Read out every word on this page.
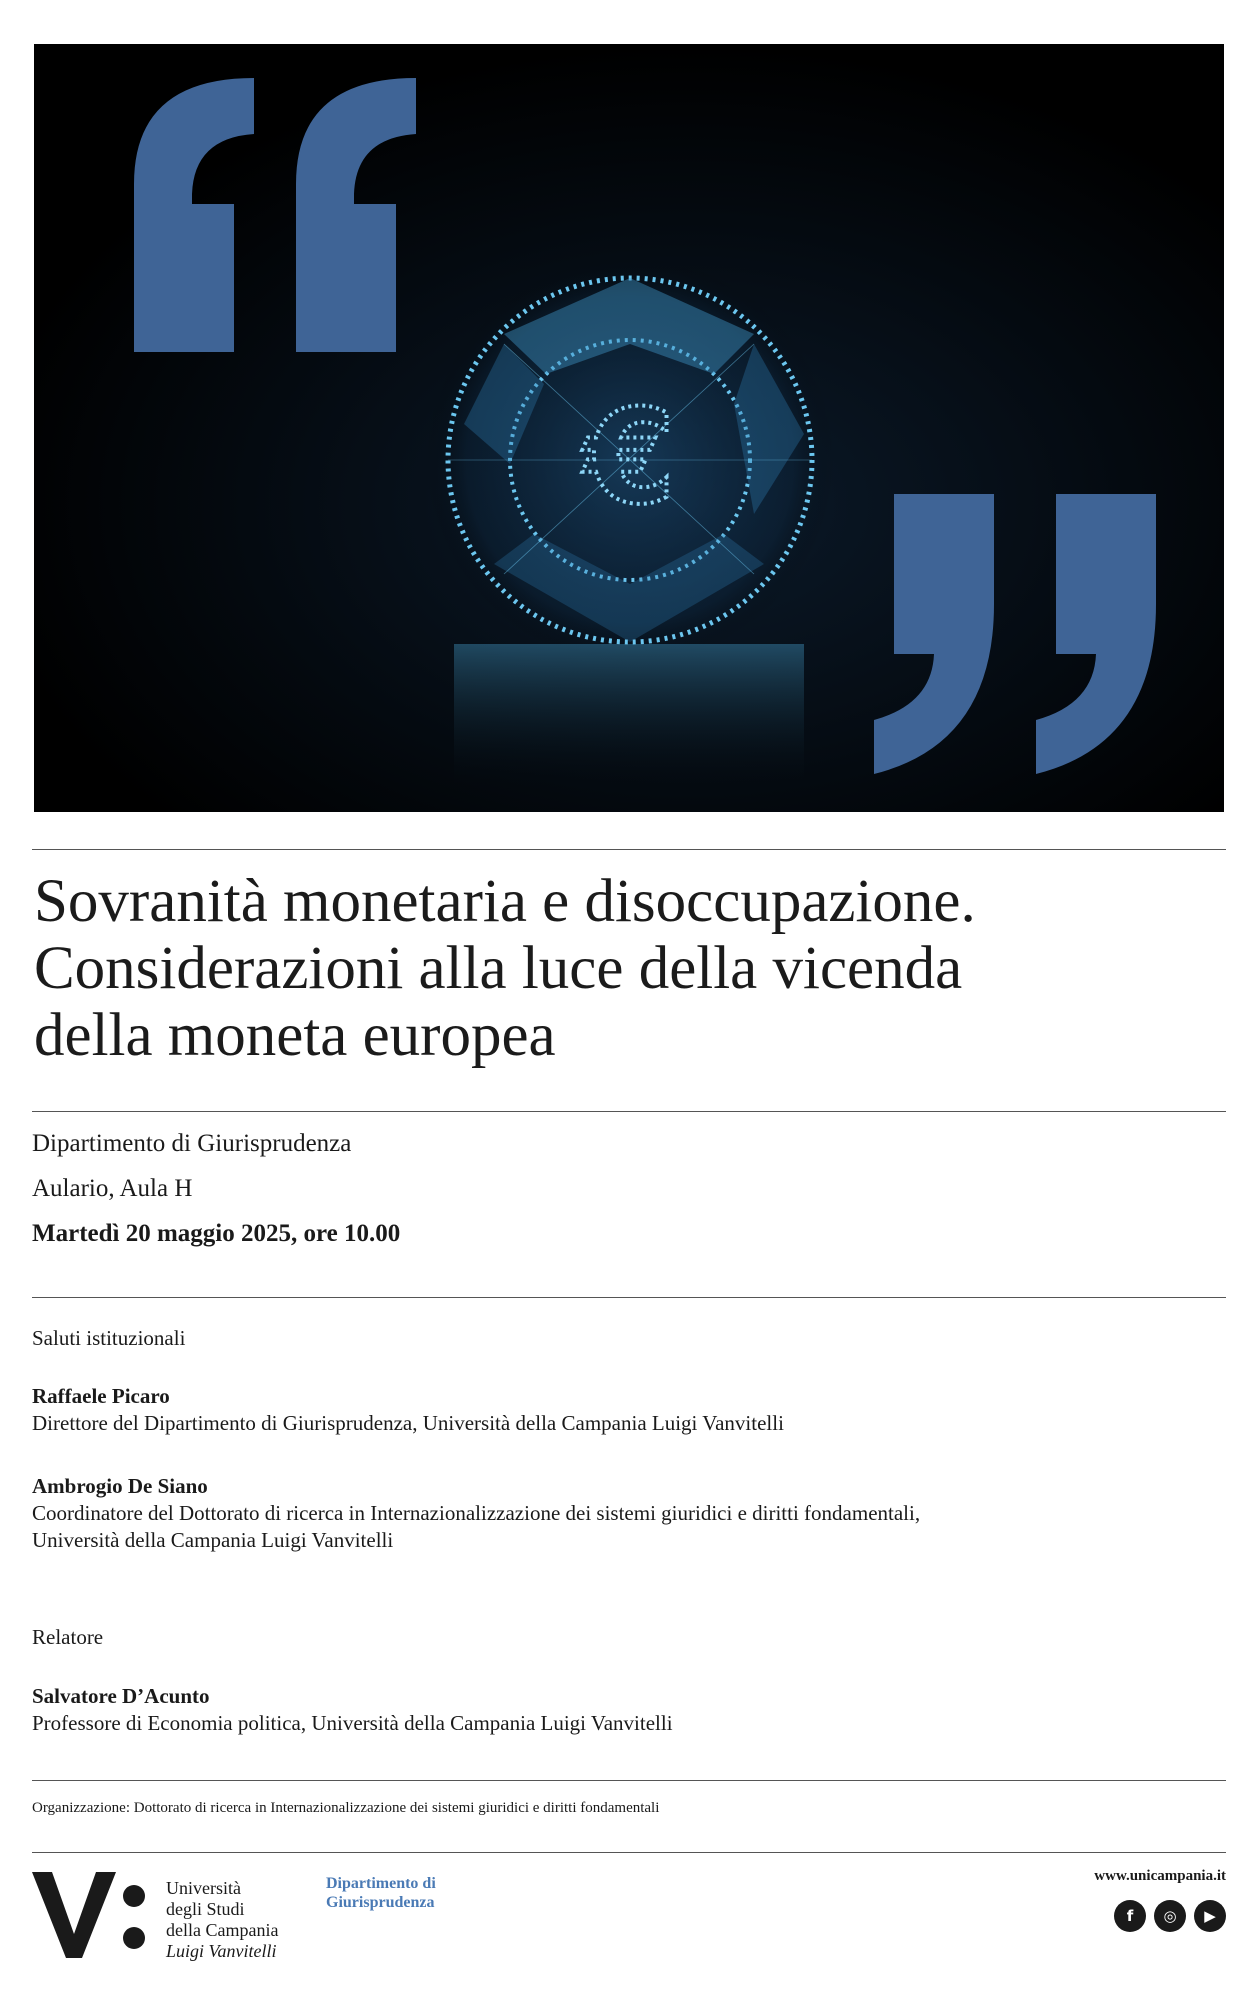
€
Sovranità monetaria e disoccupazione.
Considerazioni alla luce della vicenda
della moneta europea
Dipartimento di Giurisprudenza
Aulario, Aula H
Martedì 20 maggio 2025, ore 10.00
Saluti istituzionali
Raffaele Picaro
Direttore del Dipartimento di Giurisprudenza, Università della Campania Luigi Vanvitelli
Ambrogio De Siano
Coordinatore del Dottorato di ricerca in Internazionalizzazione dei sistemi giuridici e diritti fondamentali,
Università della Campania Luigi Vanvitelli
Relatore
Salvatore D’Acunto
Professore di Economia politica, Università della Campania Luigi Vanvitelli
Organizzazione: Dottorato di ricerca in Internazionalizzazione dei sistemi giuridici e diritti fondamentali
Università
degli Studi
della Campania
Luigi Vanvitelli
Dipartimento di
Giurisprudenza
www.unicampania.it
f	◎	▶
